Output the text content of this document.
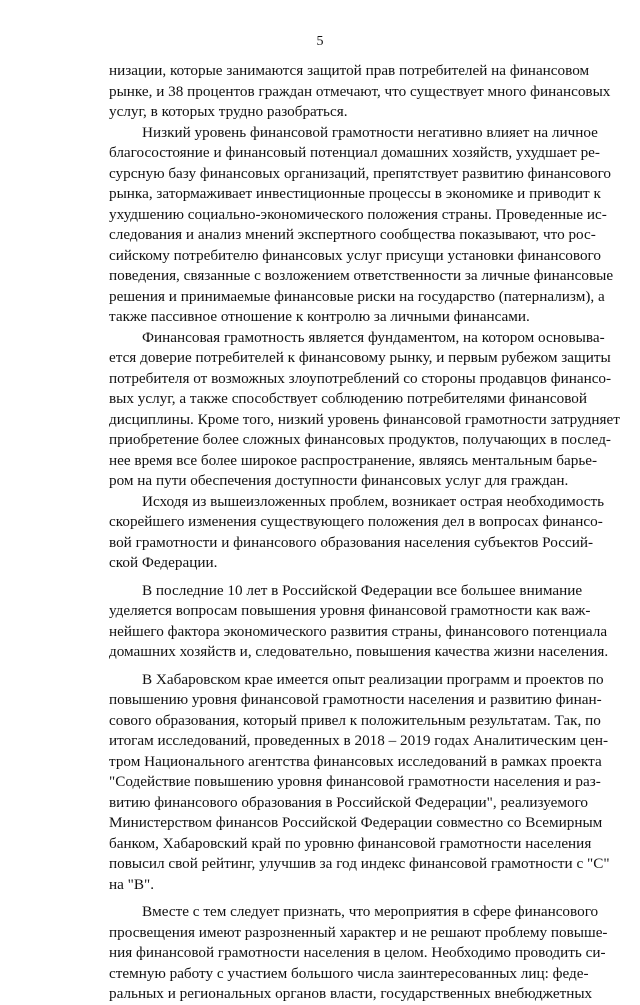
5
низации, которые занимаются защитой прав потребителей на финансовом
рынке, и 38 процентов граждан отмечают, что существует много финансовых
услуг, в которых трудно разобраться.
Низкий уровень финансовой грамотности негативно влияет на личное
благосостояние и финансовый потенциал домашних хозяйств, ухудшает ре-
сурсную базу финансовых организаций, препятствует развитию финансового
рынка, затормаживает инвестиционные процессы в экономике и приводит к
ухудшению социально-экономического положения страны. Проведенные ис-
следования и анализ мнений экспертного сообщества показывают, что рос-
сийскому потребителю финансовых услуг присущи установки финансового
поведения, связанные с возложением ответственности за личные финансовые
решения и принимаемые финансовые риски на государство (патернализм), а
также пассивное отношение к контролю за личными финансами.
Финансовая грамотность является фундаментом, на котором основыва-
ется доверие потребителей к финансовому рынку, и первым рубежом защиты
потребителя от возможных злоупотреблений со стороны продавцов финансо-
вых услуг, а также способствует соблюдению потребителями финансовой
дисциплины. Кроме того, низкий уровень финансовой грамотности затрудняет
приобретение более сложных финансовых продуктов, получающих в послед-
нее время все более широкое распространение, являясь ментальным барье-
ром на пути обеспечения доступности финансовых услуг для граждан.
Исходя из вышеизложенных проблем, возникает острая необходимость
скорейшего изменения существующего положения дел в вопросах финансо-
вой грамотности и финансового образования населения субъектов Россий-
ской Федерации.
В последние 10 лет в Российской Федерации все большее внимание
уделяется вопросам повышения уровня финансовой грамотности как важ-
нейшего фактора экономического развития страны, финансового потенциала
домашних хозяйств и, следовательно, повышения качества жизни населения.
В Хабаровском крае имеется опыт реализации программ и проектов по
повышению уровня финансовой грамотности населения и развитию финан-
сового образования, который привел к положительным результатам. Так, по
итогам исследований, проведенных в 2018 – 2019 годах Аналитическим цен-
тром Национального агентства финансовых исследований в рамках проекта
"Содействие повышению уровня финансовой грамотности населения и раз-
витию финансового образования в Российской Федерации", реализуемого
Министерством финансов Российской Федерации совместно со Всемирным
банком, Хабаровский край по уровню финансовой грамотности населения
повысил свой рейтинг, улучшив за год индекс финансовой грамотности с "С"
на "В".
Вместе с тем следует признать, что мероприятия в сфере финансового
просвещения имеют разрозненный характер и не решают проблему повыше-
ния финансовой грамотности населения в целом. Необходимо проводить си-
стемную работу с участием большого числа заинтересованных лиц: феде-
ральных и региональных органов власти, государственных внебюджетных
